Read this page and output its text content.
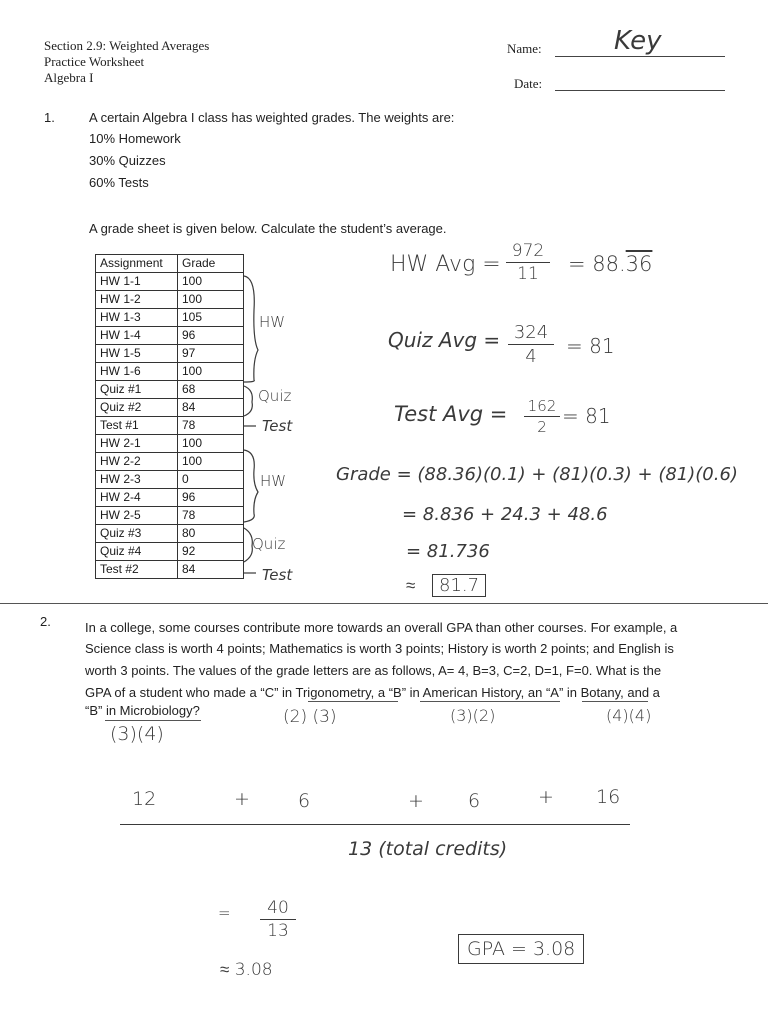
Section 2.9: Weighted Averages
Practice Worksheet
Algebra I
Name:	Key
Date:
1.	A certain Algebra I class has weighted grades. The weights are:
10% Homework
30% Quizzes
60% Tests
A grade sheet is given below. Calculate the student’s average.
Assignment	Grade
HW 1-1	100
HW 1-2	100
HW 1-3	105
HW 1-4	96
HW 1-5	97
HW 1-6	100
Quiz #1	68
Quiz #2	84
Test #1	78
HW 2-1	100
HW 2-2	100
HW 2-3	0
HW 2-4	96
HW 2-5	78
Quiz #3	80
Quiz #4	92
Test #2	84
HW
Quiz
Test
HW
Quiz
Test
HW Avg =
972
11	= 88.36
Quiz Avg = 324
4	= 81
Test Avg = 162
2 = 81
Grade = (88.36)(0.1) + (81)(0.3) + (81)(0.6)
= 8.836 + 24.3 + 48.6
= 81.736
≈	81.7
2.	In a college, some courses contribute more towards an overall GPA than other courses. For example, a
Science class is worth 4 points; Mathematics is worth 3 points; History is worth 2 points; and English is
worth 3 points. The values of the grade letters are as follows, A= 4, B=3, C=2, D=1, F=0. What is the
GPA of a student who made a “C” in Trigonometry, a “B” in American History, an “A” in Botany, and a
“B” in Microbiology?	(2) (3)	(3)(2)	(4)(4)
(3)(4)
12	+	6	+ 6	+ 16
13 (total credits)
=	40
13
≈ 3.08
GPA = 3.08
